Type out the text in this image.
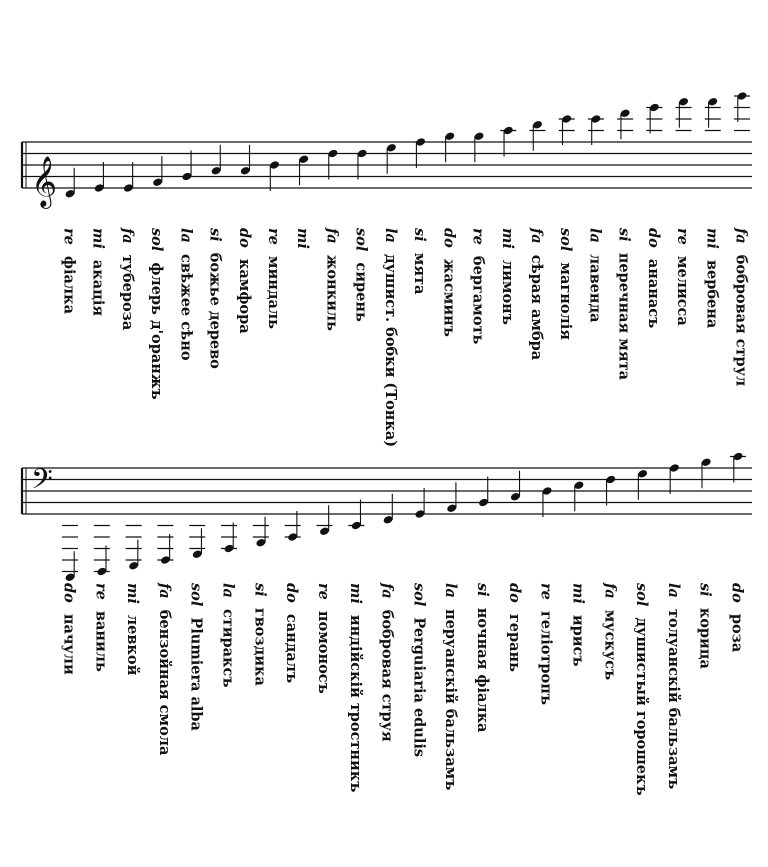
𝄞
𝄢
re фіалка
mi акація
fa туберoза
sol флерь д'оранжъ
la свѣжее сѣно
si божье дерево
do камфора
re миндаль
mi fa жонкиль
sol сирень
la душист. бобки (Тонка)
si мята
do жасминъ
re бергамоть
mi лимонъ
fa сѣрая амбра
sol магнолія
la лавенда
si перечная мята
do ананасъ
re мелисса
mi вербена
fa бобровая струл
do пачули
re ваниль
mi левкой
fa бензойная смола
sol Plumiera alba
la стираксъ
si гвоздика
do сандалъ
re помоносъ
mi индійскій тростникъ
fa бобровая струя
sol Perguiaria edulis
la перуанскій бальзамъ
si ночная фіалка
do герань
re геліотропъ
mi ирисъ
fa мускусъ
sol душистый горошекъ
la толуанскій бальзамъ
si корица
do роза
